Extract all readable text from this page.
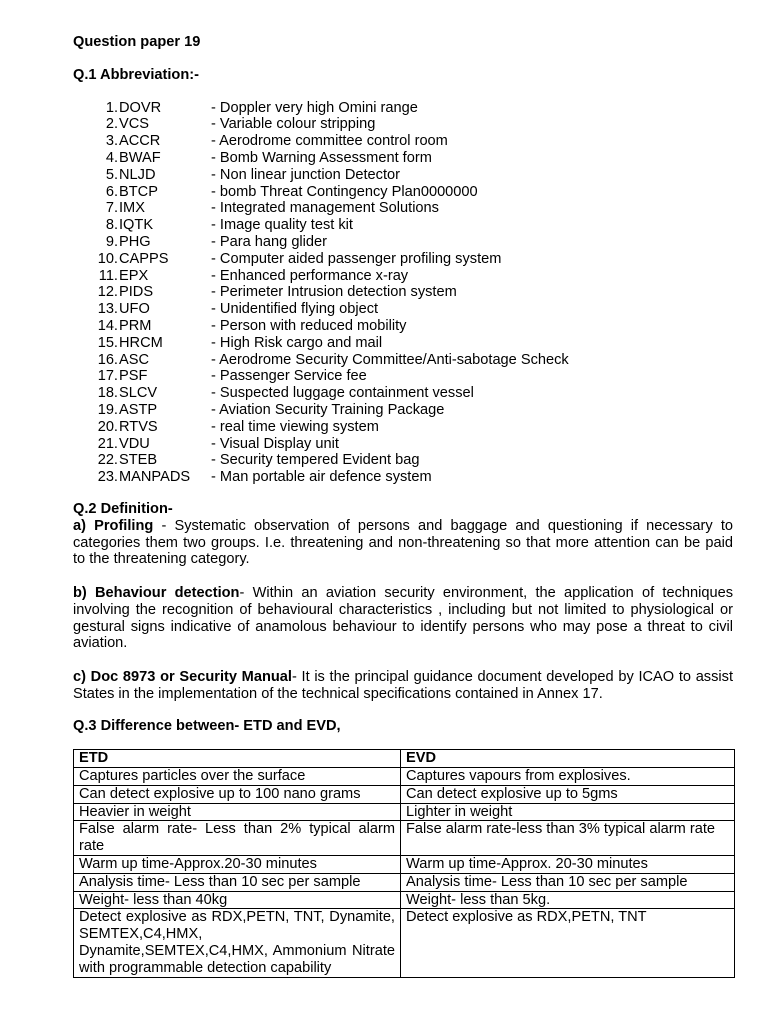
Question paper 19
Q.1 Abbreviation:-
1. DOVR	- Doppler very high Omini range
2. VCS	- Variable colour stripping
3. ACCR	- Aerodrome committee control room
4. BWAF	- Bomb Warning Assessment form
5. NLJD	- Non linear junction Detector
6. BTCP	- bomb Threat Contingency Plan0000000
7. IMX	- Integrated management Solutions
8. IQTK	- Image quality test kit
9. PHG	- Para hang glider
10. CAPPS	- Computer aided passenger profiling system
11. EPX	- Enhanced performance x-ray
12. PIDS	- Perimeter Intrusion detection system
13. UFO	- Unidentified flying object
14. PRM	- Person with reduced mobility
15. HRCM	- High Risk cargo and mail
16. ASC	- Aerodrome Security Committee/Anti-sabotage Scheck
17. PSF	- Passenger Service fee
18. SLCV	- Suspected luggage containment vessel
19. ASTP	- Aviation Security Training Package
20. RTVS	- real time viewing system
21. VDU	- Visual Display unit
22. STEB	- Security tempered Evident bag
23. MANPADS	- Man portable air defence system
Q.2 Definition-

a) Profiling - Systematic observation of persons and baggage and questioning if necessary to categories them two groups. I.e. threatening and non-threatening so that more attention can be paid to the threatening category.

b) Behaviour detection- Within an aviation security environment, the application of techniques involving the recognition of behavioural characteristics , including but not limited to physiological or gestural signs indicative of anamolous behaviour to identify persons who may pose a threat to civil aviation.

c) Doc 8973 or Security Manual- It is the principal guidance document developed by ICAO to assist States in the implementation of the technical specifications contained in Annex 17.

Q.3 Difference between- ETD and EVD,
ETD	EVD
Captures particles over the surface	Captures vapours from explosives.
Can detect explosive up to 100 nano grams	Can detect explosive up to 5gms
Heavier in weight	Lighter in weight
False alarm rate- Less than 2% typical alarm rate	False alarm rate-less than 3% typical alarm rate
Warm up time-Approx.20-30 minutes	Warm up time-Approx. 20-30 minutes
Analysis time- Less than 10 sec per sample	Analysis time- Less than 10 sec per sample
Weight- less than 40kg	Weight- less than 5kg.
Detect explosive as RDX,PETN, TNT, Dynamite, SEMTEX,C4,HMX, Dynamite,SEMTEX,C4,HMX, Ammonium Nitrate with programmable detection capability	Detect explosive as RDX,PETN, TNT
